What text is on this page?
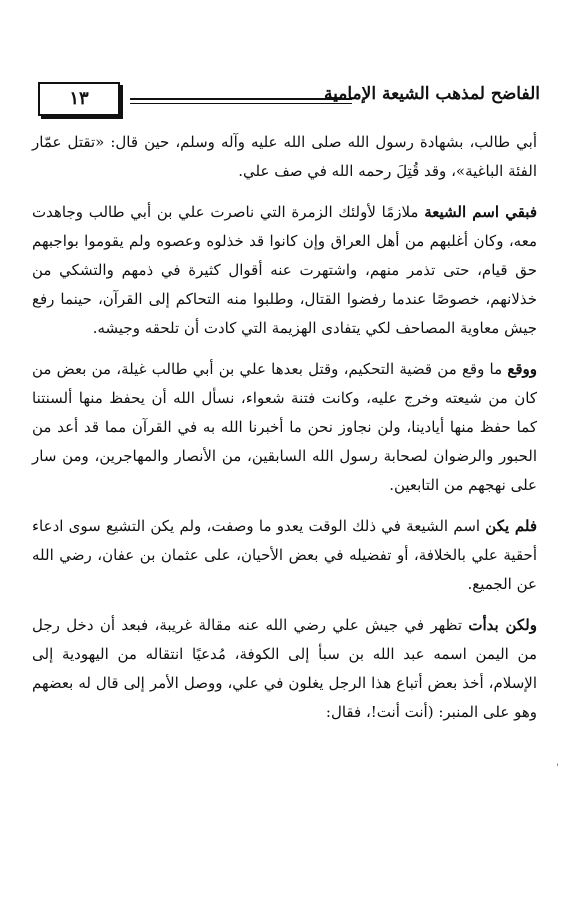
١٣	الفاضح لمذهب الشيعة الإمامية

أبي طالب، بشهادة رسول الله صلى الله عليه وآله وسلم، حين قال: «تقتل عمّار الفئة الباغية»، وقد قُتِلَ رحمه الله في صف علي.

فبقي اسم الشيعة ملازمًا لأولئك الزمرة التي ناصرت علي بن أبي طالب وجاهدت معه، وكان أغلبهم من أهل العراق وإن كانوا قد خذلوه وعصوه ولم يقوموا بواجبهم حق قيام، حتى تذمر منهم، واشتهرت عنه أقوال كثيرة في ذمهم والتشكي من خذلانهم، خصوصًا عندما رفضوا القتال، وطلبوا منه التحاكم إلى القرآن، حينما رفع جيش معاوية المصاحف لكي يتفادى الهزيمة التي كادت أن تلحقه وجيشه.

ووقع ما وقع من قضية التحكيم، وقتل بعدها علي بن أبي طالب غيلة، من بعض من كان من شيعته وخرج عليه، وكانت فتنة شعواء، نسأل الله أن يحفظ منها ألسنتنا كما حفظ منها أيادينا، ولن نجاوز نحن ما أخبرنا الله به في القرآن مما قد أعد من الحبور والرضوان لصحابة رسول الله السابقين، من الأنصار والمهاجرين، ومن سار على نهجهم من التابعين.

فلم يكن اسم الشيعة في ذلك الوقت يعدو ما وصفت، ولم يكن التشيع سوى ادعاء أحقية علي بالخلافة، أو تفضيله في بعض الأحيان، على عثمان بن عفان، رضي الله عن الجميع.

ولكن بدأت تظهر في جيش علي رضي الله عنه مقالة غريبة، فبعد أن دخل رجل من اليمن اسمه عبد الله بن سبأ إلى الكوفة، مُدعيًا انتقاله من اليهودية إلى الإسلام، أخذ بعض أتباع هذا الرجل يغلون في علي، ووصل الأمر إلى قال له بعضهم وهو على المنبر: (أنت أنت!، فقال:

ˈ
